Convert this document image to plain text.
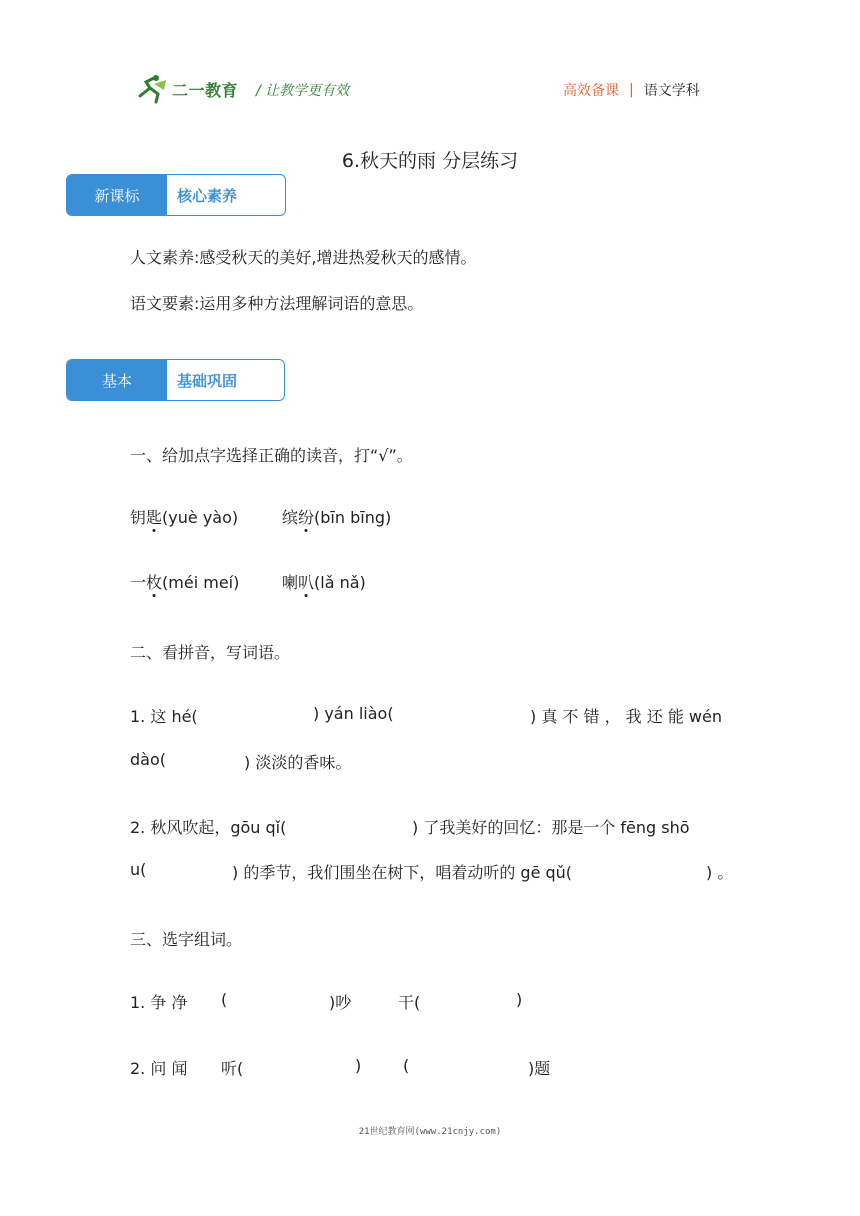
二一教育 / 让教学更有效	高效备课 | 语文学科
6.秋天的雨 分层练习
新课标	核心素养
人文素养:感受秋天的美好,增进热爱秋天的感情。
语文要素:运用多种方法理解词语的意思。
基本	基础巩固
一、给加点字选择正确的读音，打“√”。
钥匙(yuè yào)	缤纷(bīn bīng)
一枚(méi meí)	喇叭(lǎ nǎ)
二、看拼音，写词语。
1. 这 hé(	) yán liào(	) 真 不 错 ， 我 还 能 wén
dào(	) 淡淡的香味。
2. 秋风吹起，gōu qǐ(	) 了我美好的回忆：那是一个 fēng shō
u(	) 的季节，我们围坐在树下，唱着动听的 gē qǔ(	) 。
三、选字组词。
1. 争 净 (	)吵	干(	)
2. 问 闻 听(	)	(	)题
21世纪教育网(www.21cnjy.com)
